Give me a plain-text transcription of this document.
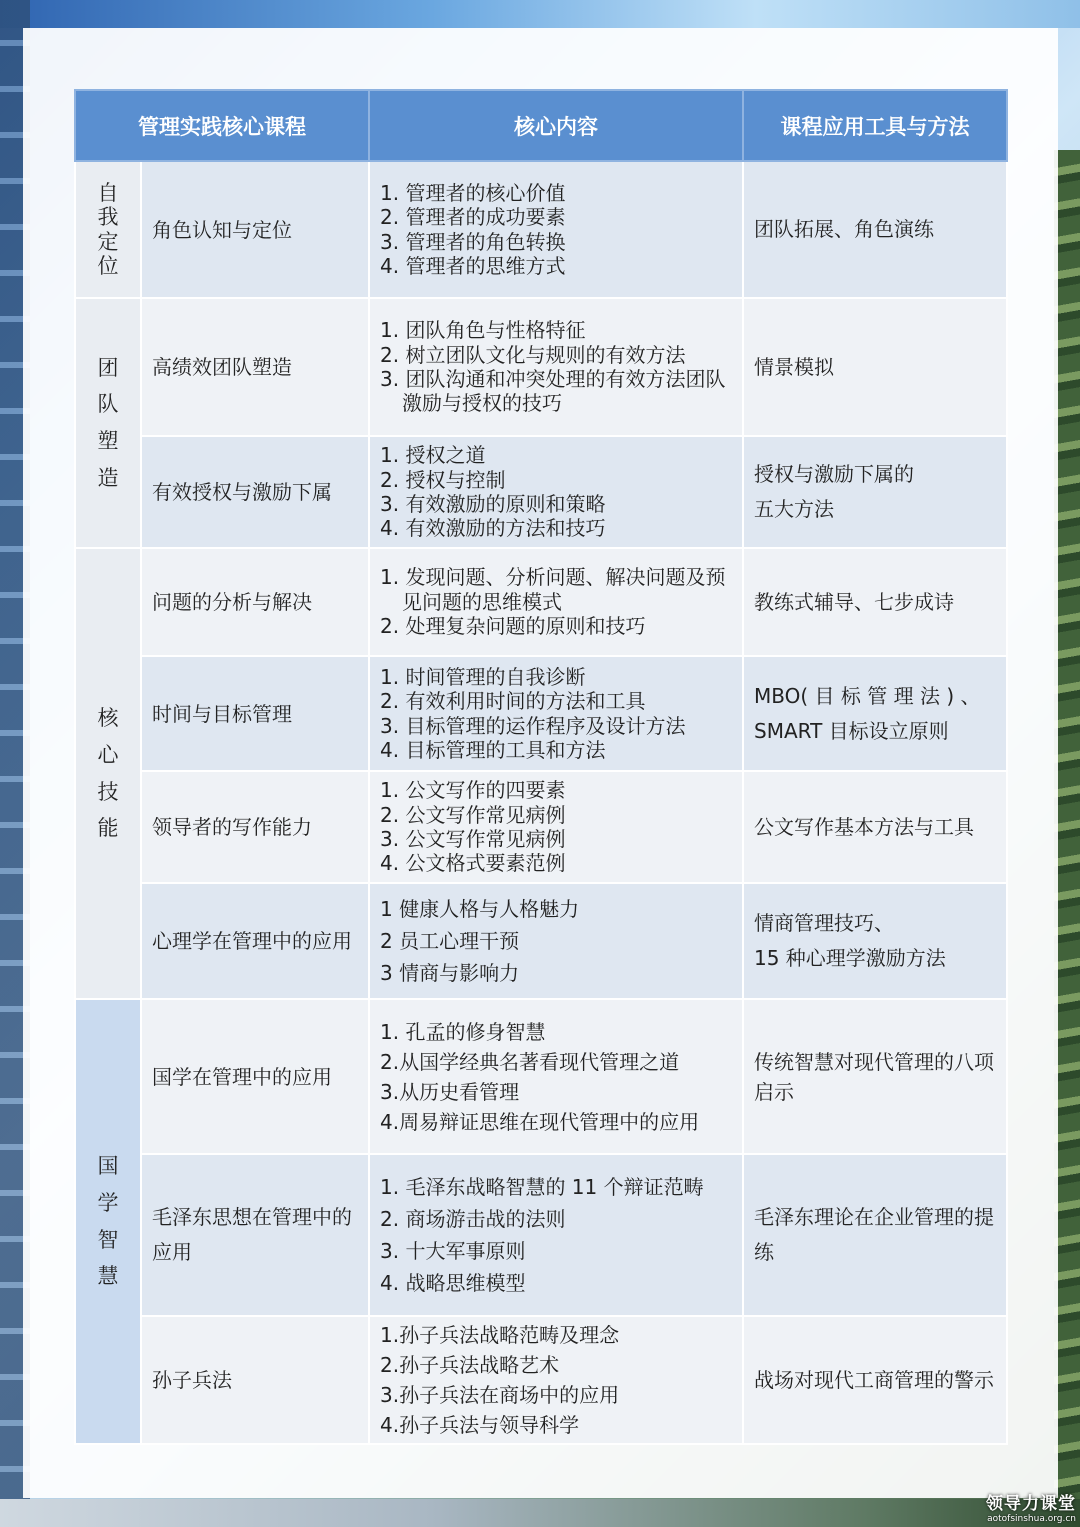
管理实践核心课程		核心内容	课程应用工具与方法

自
我
定
位	角色认知与定位	1. 管理者的核心价值
2. 管理者的成功要素
3. 管理者的角色转换
4. 管理者的思维方式	团队拓展、角色演练

团
队
塑
造	高绩效团队塑造	1. 团队角色与性格特征
2. 树立团队文化与规则的有效方法
3. 团队沟通和冲突处理的有效方法团队激励与授权的技巧	情景模拟

	有效授权与激励下属	1. 授权之道
2. 授权与控制
3. 有效激励的原则和策略
4. 有效激励的方法和技巧	授权与激励下属的
五大方法

核
心
技
能	问题的分析与解决	1. 发现问题、分析问题、解决问题及预见问题的思维模式
2. 处理复杂问题的原则和技巧	教练式辅导、七步成诗

	时间与目标管理	1. 时间管理的自我诊断
2. 有效利用时间的方法和工具
3. 目标管理的运作程序及设计方法
4. 目标管理的工具和方法	MBO( 目 标 管 理 法 ) 、
SMART 目标设立原则

	领导者的写作能力	1. 公文写作的四要素
2. 公文写作常见病例
3. 公文写作常见病例
4. 公文格式要素范例	公文写作基本方法与工具

	心理学在管理中的应用	1 健康人格与人格魅力
2 员工心理干预
3 情商与影响力	情商管理技巧、
15 种心理学激励方法

国
学
智
慧	国学在管理中的应用	1. 孔孟的修身智慧
2.从国学经典名著看现代管理之道
3.从历史看管理
4.周易辩证思维在现代管理中的应用	传统智慧对现代管理的八项启示

	毛泽东思想在管理中的应用	1. 毛泽东战略智慧的 11 个辩证范畴
2. 商场游击战的法则
3. 十大军事原则
4. 战略思维模型	毛泽东理论在企业管理的提练

	孙子兵法	1.孙子兵法战略范畴及理念
2.孙子兵法战略艺术
3.孙子兵法在商场中的应用
4.孙子兵法与领导科学	战场对现代工商管理的警示
领导力课堂
aotofsinshua.org.cn
